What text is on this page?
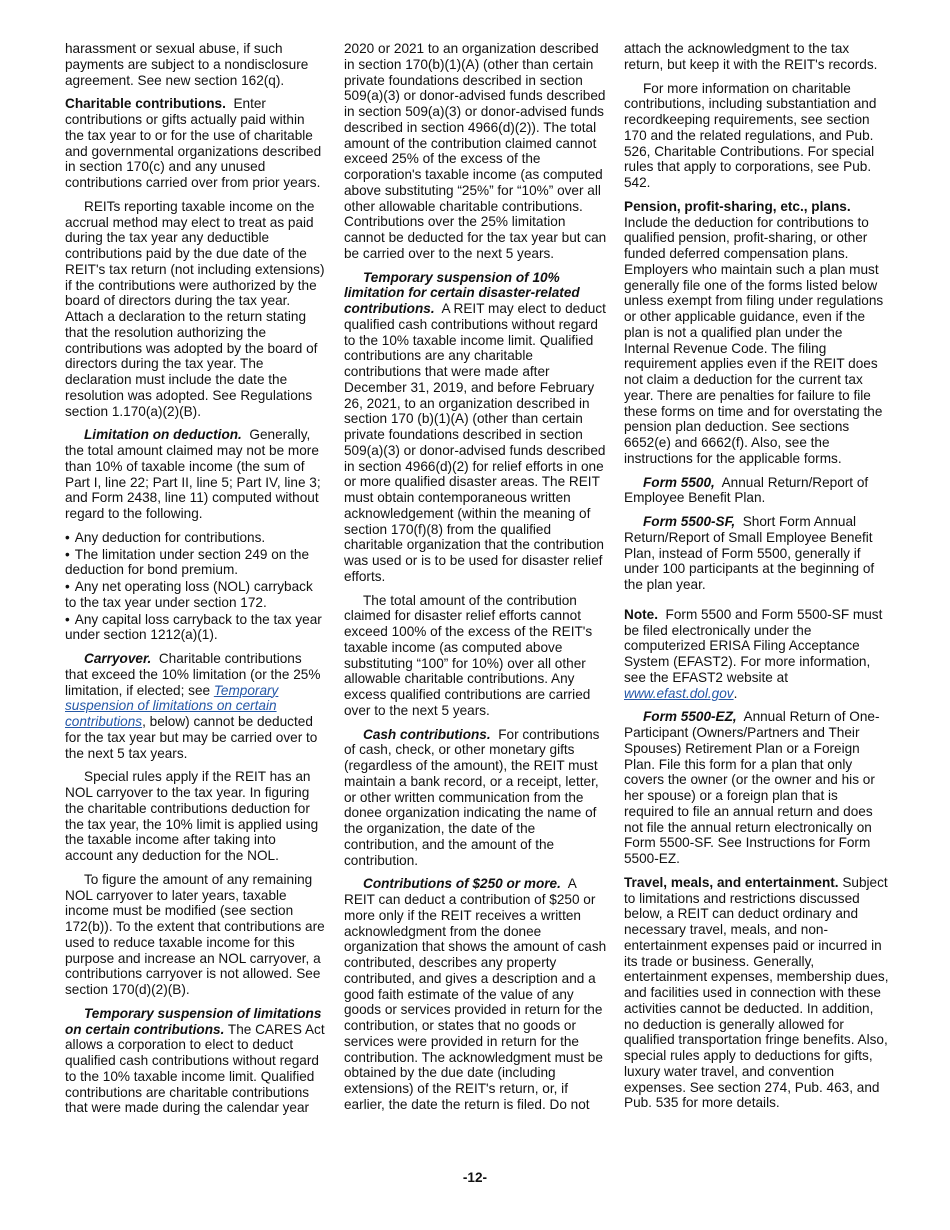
harassment or sexual abuse, if such payments are subject to a nondisclosure agreement. See new section 162(q).

Charitable contributions. Enter contributions or gifts actually paid within the tax year to or for the use of charitable and governmental organizations described in section 170(c) and any unused contributions carried over from prior years.

REITs reporting taxable income on the accrual method may elect to treat as paid during the tax year any deductible contributions paid by the due date of the REIT's tax return (not including extensions) if the contributions were authorized by the board of directors during the tax year. Attach a declaration to the return stating that the resolution authorizing the contributions was adopted by the board of directors during the tax year. The declaration must include the date the resolution was adopted. See Regulations section 1.170(a)(2)(B).

Limitation on deduction. Generally, the total amount claimed may not be more than 10% of taxable income (the sum of Part I, line 22; Part II, line 5; Part IV, line 3; and Form 2438, line 11) computed without regard to the following.

• Any deduction for contributions.
• The limitation under section 249 on the deduction for bond premium.
• Any net operating loss (NOL) carryback to the tax year under section 172.
• Any capital loss carryback to the tax year under section 1212(a)(1).

Carryover. Charitable contributions that exceed the 10% limitation (or the 25% limitation, if elected; see Temporary suspension of limitations on certain contributions, below) cannot be deducted for the tax year but may be carried over to the next 5 tax years.

Special rules apply if the REIT has an NOL carryover to the tax year. In figuring the charitable contributions deduction for the tax year, the 10% limit is applied using the taxable income after taking into account any deduction for the NOL.

To figure the amount of any remaining NOL carryover to later years, taxable income must be modified (see section 172(b)). To the extent that contributions are used to reduce taxable income for this purpose and increase an NOL carryover, a contributions carryover is not allowed. See section 170(d)(2)(B).

Temporary suspension of limitations on certain contributions. The CARES Act allows a corporation to elect to deduct qualified cash contributions without regard to the 10% taxable income limit. Qualified contributions are charitable contributions that were made during the calendar year

2020 or 2021 to an organization described in section 170(b)(1)(A) (other than certain private foundations described in section 509(a)(3) or donor-advised funds described in section 509(a)(3) or donor-advised funds described in section 4966(d)(2)). The total amount of the contribution claimed cannot exceed 25% of the excess of the corporation's taxable income (as computed above substituting “25%” for “10%” over all other allowable charitable contributions. Contributions over the 25% limitation cannot be deducted for the tax year but can be carried over to the next 5 years.

Temporary suspension of 10% limitation for certain disaster-related contributions. A REIT may elect to deduct qualified cash contributions without regard to the 10% taxable income limit. Qualified contributions are any charitable contributions that were made after December 31, 2019, and before February 26, 2021, to an organization described in section 170 (b)(1)(A) (other than certain private foundations described in section 509(a)(3) or donor-advised funds described in section 4966(d)(2) for relief efforts in one or more qualified disaster areas. The REIT must obtain contemporaneous written acknowledgement (within the meaning of section 170(f)(8) from the qualified charitable organization that the contribution was used or is to be used for disaster relief efforts.

The total amount of the contribution claimed for disaster relief efforts cannot exceed 100% of the excess of the REIT's taxable income (as computed above substituting “100” for 10%) over all other allowable charitable contributions. Any excess qualified contributions are carried over to the next 5 years.

Cash contributions. For contributions of cash, check, or other monetary gifts (regardless of the amount), the REIT must maintain a bank record, or a receipt, letter, or other written communication from the donee organization indicating the name of the organization, the date of the contribution, and the amount of the contribution.

Contributions of $250 or more. A REIT can deduct a contribution of $250 or more only if the REIT receives a written acknowledgment from the donee organization that shows the amount of cash contributed, describes any property contributed, and gives a description and a good faith estimate of the value of any goods or services provided in return for the contribution, or states that no goods or services were provided in return for the contribution. The acknowledgment must be obtained by the due date (including extensions) of the REIT's return, or, if earlier, the date the return is filed. Do not

attach the acknowledgment to the tax return, but keep it with the REIT's records.

For more information on charitable contributions, including substantiation and recordkeeping requirements, see section 170 and the related regulations, and Pub. 526, Charitable Contributions. For special rules that apply to corporations, see Pub. 542.

Pension, profit-sharing, etc., plans. Include the deduction for contributions to qualified pension, profit-sharing, or other funded deferred compensation plans. Employers who maintain such a plan must generally file one of the forms listed below unless exempt from filing under regulations or other applicable guidance, even if the plan is not a qualified plan under the Internal Revenue Code. The filing requirement applies even if the REIT does not claim a deduction for the current tax year. There are penalties for failure to file these forms on time and for overstating the pension plan deduction. See sections 6652(e) and 6662(f). Also, see the instructions for the applicable forms.

Form 5500, Annual Return/Report of Employee Benefit Plan.

Form 5500-SF, Short Form Annual Return/Report of Small Employee Benefit Plan, instead of Form 5500, generally if under 100 participants at the beginning of the plan year.

Note. Form 5500 and Form 5500-SF must be filed electronically under the computerized ERISA Filing Acceptance System (EFAST2). For more information, see the EFAST2 website at www.efast.dol.gov.

Form 5500-EZ, Annual Return of One-Participant (Owners/Partners and Their Spouses) Retirement Plan or a Foreign Plan. File this form for a plan that only covers the owner (or the owner and his or her spouse) or a foreign plan that is required to file an annual return and does not file the annual return electronically on Form 5500-SF. See Instructions for Form 5500-EZ.

Travel, meals, and entertainment. Subject to limitations and restrictions discussed below, a REIT can deduct ordinary and necessary travel, meals, and non-entertainment expenses paid or incurred in its trade or business. Generally, entertainment expenses, membership dues, and facilities used in connection with these activities cannot be deducted. In addition, no deduction is generally allowed for qualified transportation fringe benefits. Also, special rules apply to deductions for gifts, luxury water travel, and convention expenses. See section 274, Pub. 463, and Pub. 535 for more details.

-12-
